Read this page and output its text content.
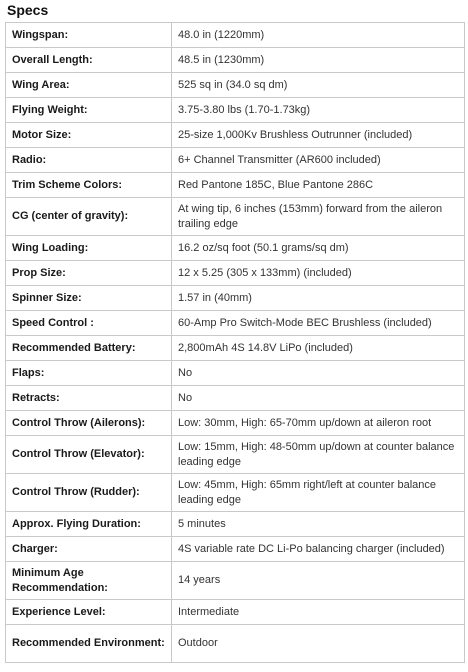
Specs
Wingspan:	48.0 in (1220mm)
Overall Length:	48.5 in (1230mm)
Wing Area:	525 sq in (34.0 sq dm)
Flying Weight:	3.75-3.80 lbs (1.70-1.73kg)
Motor Size:	25-size 1,000Kv Brushless Outrunner (included)
Radio:	6+ Channel Transmitter (AR600 included)
Trim Scheme Colors:	Red Pantone 185C, Blue Pantone 286C
CG (center of gravity):	At wing tip, 6 inches (153mm) forward from the aileron trailing edge
Wing Loading:	16.2 oz/sq foot (50.1 grams/sq dm)
Prop Size:	12 x 5.25 (305 x 133mm) (included)
Spinner Size:	1.57 in (40mm)
Speed Control :	60-Amp Pro Switch-Mode BEC Brushless (included)
Recommended Battery:	2,800mAh 4S 14.8V LiPo (included)
Flaps:	No
Retracts:	No
Control Throw (Ailerons):	Low: 30mm, High: 65-70mm up/down at aileron root
Control Throw (Elevator):	Low: 15mm, High: 48-50mm up/down at counter balance leading edge
Control Throw (Rudder):	Low: 45mm, High: 65mm right/left at counter balance leading edge
Approx. Flying Duration:	5 minutes
Charger:	4S variable rate DC Li-Po balancing charger (included)
Minimum Age Recommendation:	14 years
Experience Level:	Intermediate
Recommended Environment:	Outdoor
